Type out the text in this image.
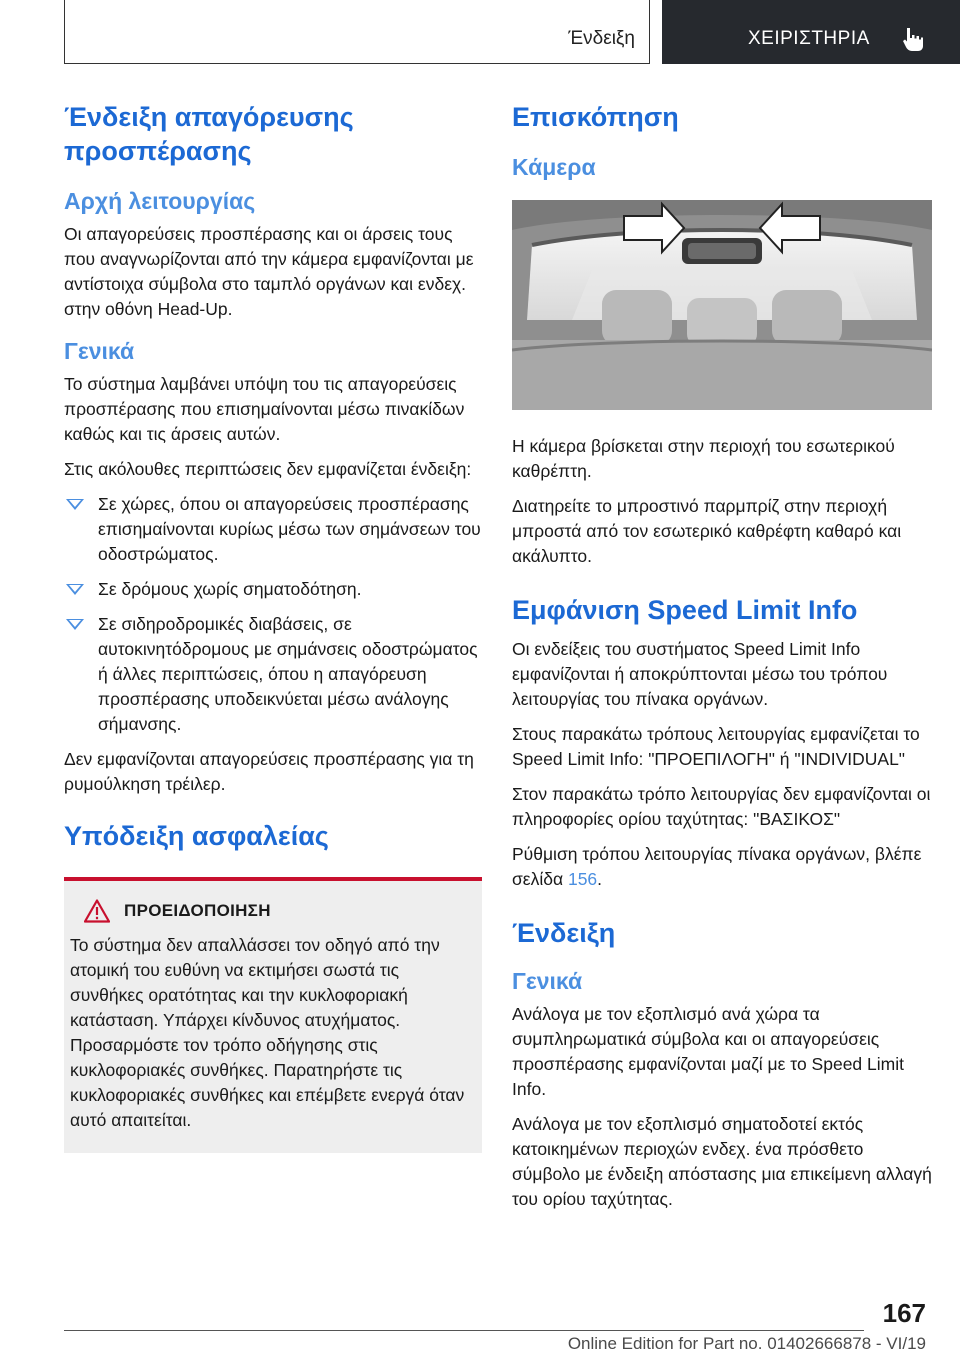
Ένδειξη	ΧΕΙΡΙΣΤΗΡΙΑ
Ένδειξη απαγόρευσης προσπέρασης
Αρχή λειτουργίας

Οι απαγορεύσεις προσπέρασης και οι άρσεις τους που αναγνωρίζονται από την κάμερα εμφανίζονται με αντίστοιχα σύμβολα στο ταμπλό οργάνων και ενδεχ. στην οθόνη Head-Up.

Γενικά

Το σύστημα λαμβάνει υπόψη του τις απαγορεύσεις προσπέρασης που επισημαίνονται μέσω πινακίδων καθώς και τις άρσεις αυτών.

Στις ακόλουθες περιπτώσεις δεν εμφανίζεται ένδειξη:

Σε χώρες, όπου οι απαγορεύσεις προσπέρασης επισημαίνονται κυρίως μέσω των σημάνσεων του οδοστρώματος.
Σε δρόμους χωρίς σηματοδότηση.
Σε σιδηροδρομικές διαβάσεις, σε αυτοκινητόδρομους με σημάνσεις οδοστρώματος ή άλλες περιπτώσεις, όπου η απαγόρευση προσπέρασης υποδεικνύεται μέσω ανάλογης σήμανσης.

Δεν εμφανίζονται απαγορεύσεις προσπέρασης για τη ρυμούλκηση τρέιλερ.

Υπόδειξη ασφαλείας
ΠΡΟΕΙΔΟΠΟΙΗΣΗ

Το σύστημα δεν απαλλάσσει τον οδηγό από την ατομική του ευθύνη να εκτιμήσει σωστά τις συνθήκες ορατότητας και την κυκλοφοριακή κατάσταση. Υπάρχει κίνδυνος ατυχήματος. Προσαρμόστε τον τρόπο οδήγησης στις κυκλοφοριακές συνθήκες. Παρατηρήστε τις κυκλοφοριακές συνθήκες και επέμβετε ενεργά όταν αυτό απαιτείται.

Επισκόπηση
Κάμερα

Η κάμερα βρίσκεται στην περιοχή του εσωτερικού καθρέπτη.

Διατηρείτε το μπροστινό παρμπρίζ στην περιοχή μπροστά από τον εσωτερικό καθρέφτη καθαρό και ακάλυπτο.

Εμφάνιση Speed Limit Info

Οι ενδείξεις του συστήματος Speed Limit Info εμφανίζονται ή αποκρύπτονται μέσω του τρόπου λειτουργίας του πίνακα οργάνων.

Στους παρακάτω τρόπους λειτουργίας εμφανίζεται το Speed Limit Info: "ΠΡΟΕΠΙΛΟΓΗ" ή "INDIVIDUAL"

Στον παρακάτω τρόπο λειτουργίας δεν εμφανίζονται οι πληροφορίες ορίου ταχύτητας: "ΒΑΣΙΚΟΣ"

Ρύθμιση τρόπου λειτουργίας πίνακα οργάνων, βλέπε σελίδα 156.

Ένδειξη
Γενικά

Ανάλογα με τον εξοπλισμό ανά χώρα τα συμπληρωματικά σύμβολα και οι απαγορεύσεις προσπέρασης εμφανίζονται μαζί με το Speed Limit Info.

Ανάλογα με τον εξοπλισμό σηματοδοτεί εκτός κατοικημένων περιοχών ενδεχ. ένα πρόσθετο σύμβολο με ένδειξη απόστασης μια επικείμενη αλλαγή του ορίου ταχύτητας.

167
Online Edition for Part no. 01402666878 - VI/19
